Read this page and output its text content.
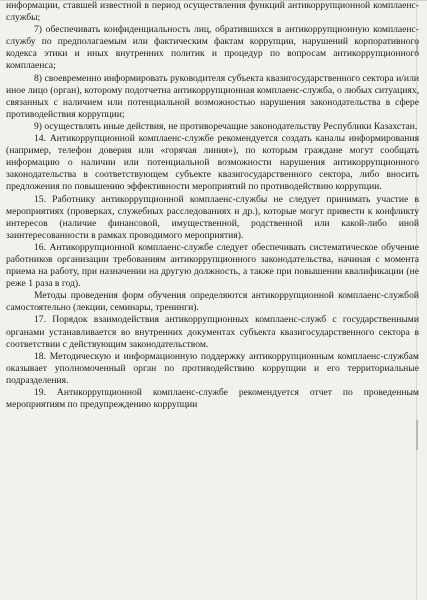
информации, ставшей известной в период осуществления функций антикоррупционной комплаенс-службы;

7) обеспечивать конфиденциальность лиц, обратившихся в антикоррупционную комплаенс-службу по предполагаемым или фактическим фактам коррупции, нарушений корпоративного кодекса этики и иных внутренних политик и процедур по вопросам антикоррупционного комплаенса;

8) своевременно информировать руководителя субъекта квазигосударственного сектора и/или иное лицо (орган), которому подотчетна антикоррупционная комплаенс-служба, о любых ситуациях, связанных с наличием или потенциальной возможностью нарушения законодательства в сфере противодействия коррупции;

9) осуществлять иные действия, не противоречащие законодательству Республики Казахстан.

14. Антикоррупционной комплаенс-службе рекомендуется создать каналы информирования (например, телефон доверия или «горячая линия»), по которым граждане могут сообщать информацию о наличии или потенциальной возможности нарушения антикоррупционного законодательства в соответствующем субъекте квазигосударственного сектора, либо вносить предложения по повышению эффективности мероприятий по противодействию коррупции.

15. Работнику антикоррупционной комплаенс-службы не следует принимать участие в мероприятиях (проверках, служебных расследованиях и др.), которые могут привести к конфликту интересов (наличие финансовой, имущественной, родственной или какой-либо иной заинтересованности в рамках проводимого мероприятия).

16. Антикоррупционной комплаенс-службе следует обеспечивать систематическое обучение работников организации требованиям антикоррупционного законодательства, начиная с момента приема на работу, при назначении на другую должность, а также при повышении квалификации (не реже 1 раза в год).

Методы проведения форм обучения определяются антикоррупционной комплаенс-службой самостоятельно (лекции, семинары, тренинги).

17. Порядок взаимодействия антикоррупционных комплаенс-служб с государственными органами устанавливается во внутренних документах субъекта квазигосударственного сектора в соответствии с действующим законодательством.

18. Методическую и информационную поддержку антикоррупционным комплаенс-службам оказывает уполномоченный орган по противодействию коррупции и его территориальные подразделения.

19. Антикоррупционной комплаенс-службе рекомендуется отчет по проведенным мероприятиям по предупреждению коррупции
